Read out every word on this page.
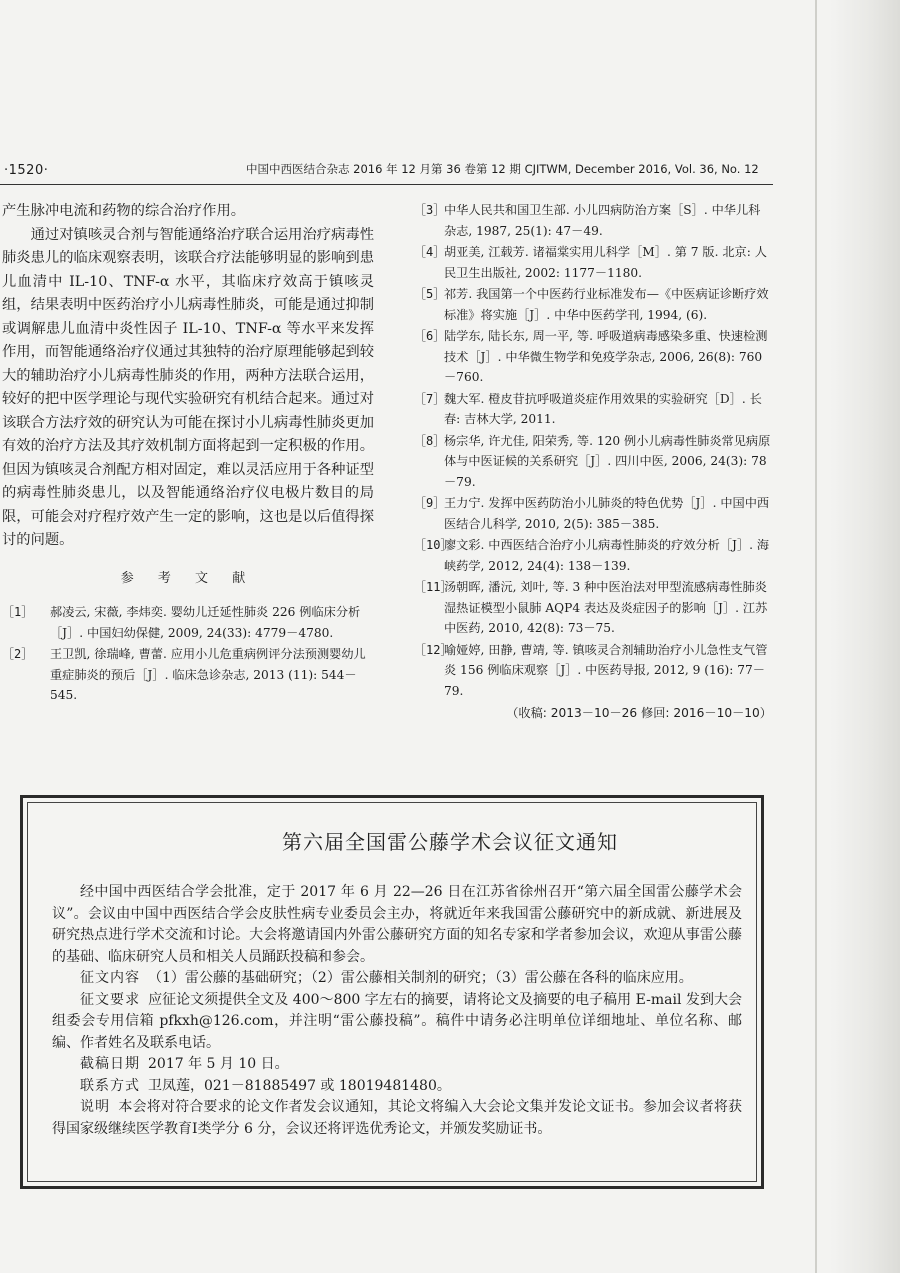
·1520·	中国中西医结合杂志 2016 年 12 月第 36 卷第 12 期 CJITWM, December 2016, Vol. 36, No. 12

产生脉冲电流和药物的综合治疗作用。

通过对镇咳灵合剂与智能通络治疗联合运用治疗病毒性肺炎患儿的临床观察表明，该联合疗法能够明显的影响到患儿血清中 IL-10、TNF-α 水平，其临床疗效高于镇咳灵组，结果表明中医药治疗小儿病毒性肺炎，可能是通过抑制或调解患儿血清中炎性因子 IL-10、TNF-α 等水平来发挥作用，而智能通络治疗仪通过其独特的治疗原理能够起到较大的辅助治疗小儿病毒性肺炎的作用，两种方法联合运用，较好的把中医学理论与现代实验研究有机结合起来。通过对该联合方法疗效的研究认为可能在探讨小儿病毒性肺炎更加有效的治疗方法及其疗效机制方面将起到一定积极的作用。但因为镇咳灵合剂配方相对固定，难以灵活应用于各种证型的病毒性肺炎患儿，以及智能通络治疗仪电极片数目的局限，可能会对疗程疗效产生一定的影响，这也是以后值得探讨的问题。

参 考 文 献
［1］ 郝凌云, 宋薇, 李炜奕. 婴幼儿迁延性肺炎 226 例临床分析［J］. 中国妇幼保健, 2009, 24(33): 4779－4780.
［2］ 王卫凯, 徐瑞峰, 曹蕾. 应用小儿危重病例评分法预测婴幼儿重症肺炎的预后［J］. 临床急诊杂志, 2013 (11): 544－545.
［3］
中华人民共和国卫生部. 小儿四病防治方案［S］. 中华儿科杂志, 1987, 25(1): 47－49.
［4］
胡亚美, 江载芳. 诸福棠实用儿科学［M］. 第 7 版. 北京: 人民卫生出版社, 2002: 1177－1180.
［5］
祁芳. 我国第一个中医药行业标准发布—《中医病证诊断疗效标准》将实施［J］. 中华中医药学刊, 1994, (6).
［6］
陆学东, 陆长东, 周一平, 等. 呼吸道病毒感染多重、快速检测技术［J］. 中华微生物学和免疫学杂志, 2006, 26(8): 760－760.
［7］
魏大军. 橙皮苷抗呼吸道炎症作用效果的实验研究［D］. 长春: 吉林大学, 2011.
［8］
杨宗华, 许尤佳, 阳荣秀, 等. 120 例小儿病毒性肺炎常见病原体与中医证候的关系研究［J］. 四川中医, 2006, 24(3): 78－79.
［9］
王力宁. 发挥中医药防治小儿肺炎的特色优势［J］. 中国中西医结合儿科学, 2010, 2(5): 385－385.
［10］
廖文彩. 中西医结合治疗小儿病毒性肺炎的疗效分析［J］. 海峡药学, 2012, 24(4): 138－139.
［11］
汤朝晖, 潘沅, 刘叶, 等. 3 种中医治法对甲型流感病毒性肺炎湿热证模型小鼠肺 AQP4 表达及炎症因子的影响［J］. 江苏中医药, 2010, 42(8): 73－75.
［12］
喻娅婷, 田静, 曹靖, 等. 镇咳灵合剂辅助治疗小儿急性支气管炎 156 例临床观察［J］. 中医药导报, 2012, 9 (16): 77－79.
（收稿: 2013－10－26 修回: 2016－10－10）
第六届全国雷公藤学术会议征文通知

经中国中西医结合学会批准，定于 2017 年 6 月 22—26 日在江苏省徐州召开“第六届全国雷公藤学术会议”。会议由中国中西医结合学会皮肤性病专业委员会主办，将就近年来我国雷公藤研究中的新成就、新进展及研究热点进行学术交流和讨论。大会将邀请国内外雷公藤研究方面的知名专家和学者参加会议，欢迎从事雷公藤的基础、临床研究人员和相关人员踊跃投稿和参会。

征文内容 （1）雷公藤的基础研究；（2）雷公藤相关制剂的研究；（3）雷公藤在各科的临床应用。

征文要求 应征论文须提供全文及 400～800 字左右的摘要，请将论文及摘要的电子稿用 E-mail 发到大会组委会专用信箱 pfkxh@126.com，并注明“雷公藤投稿”。稿件中请务必注明单位详细地址、单位名称、邮编、作者姓名及联系电话。

截稿日期 2017 年 5 月 10 日。

联系方式 卫凤莲，021－81885497 或 18019481480。

说明 本会将对符合要求的论文作者发会议通知，其论文将编入大会论文集并发论文证书。参加会议者将获得国家级继续医学教育Ⅰ类学分 6 分，会议还将评选优秀论文，并颁发奖励证书。
